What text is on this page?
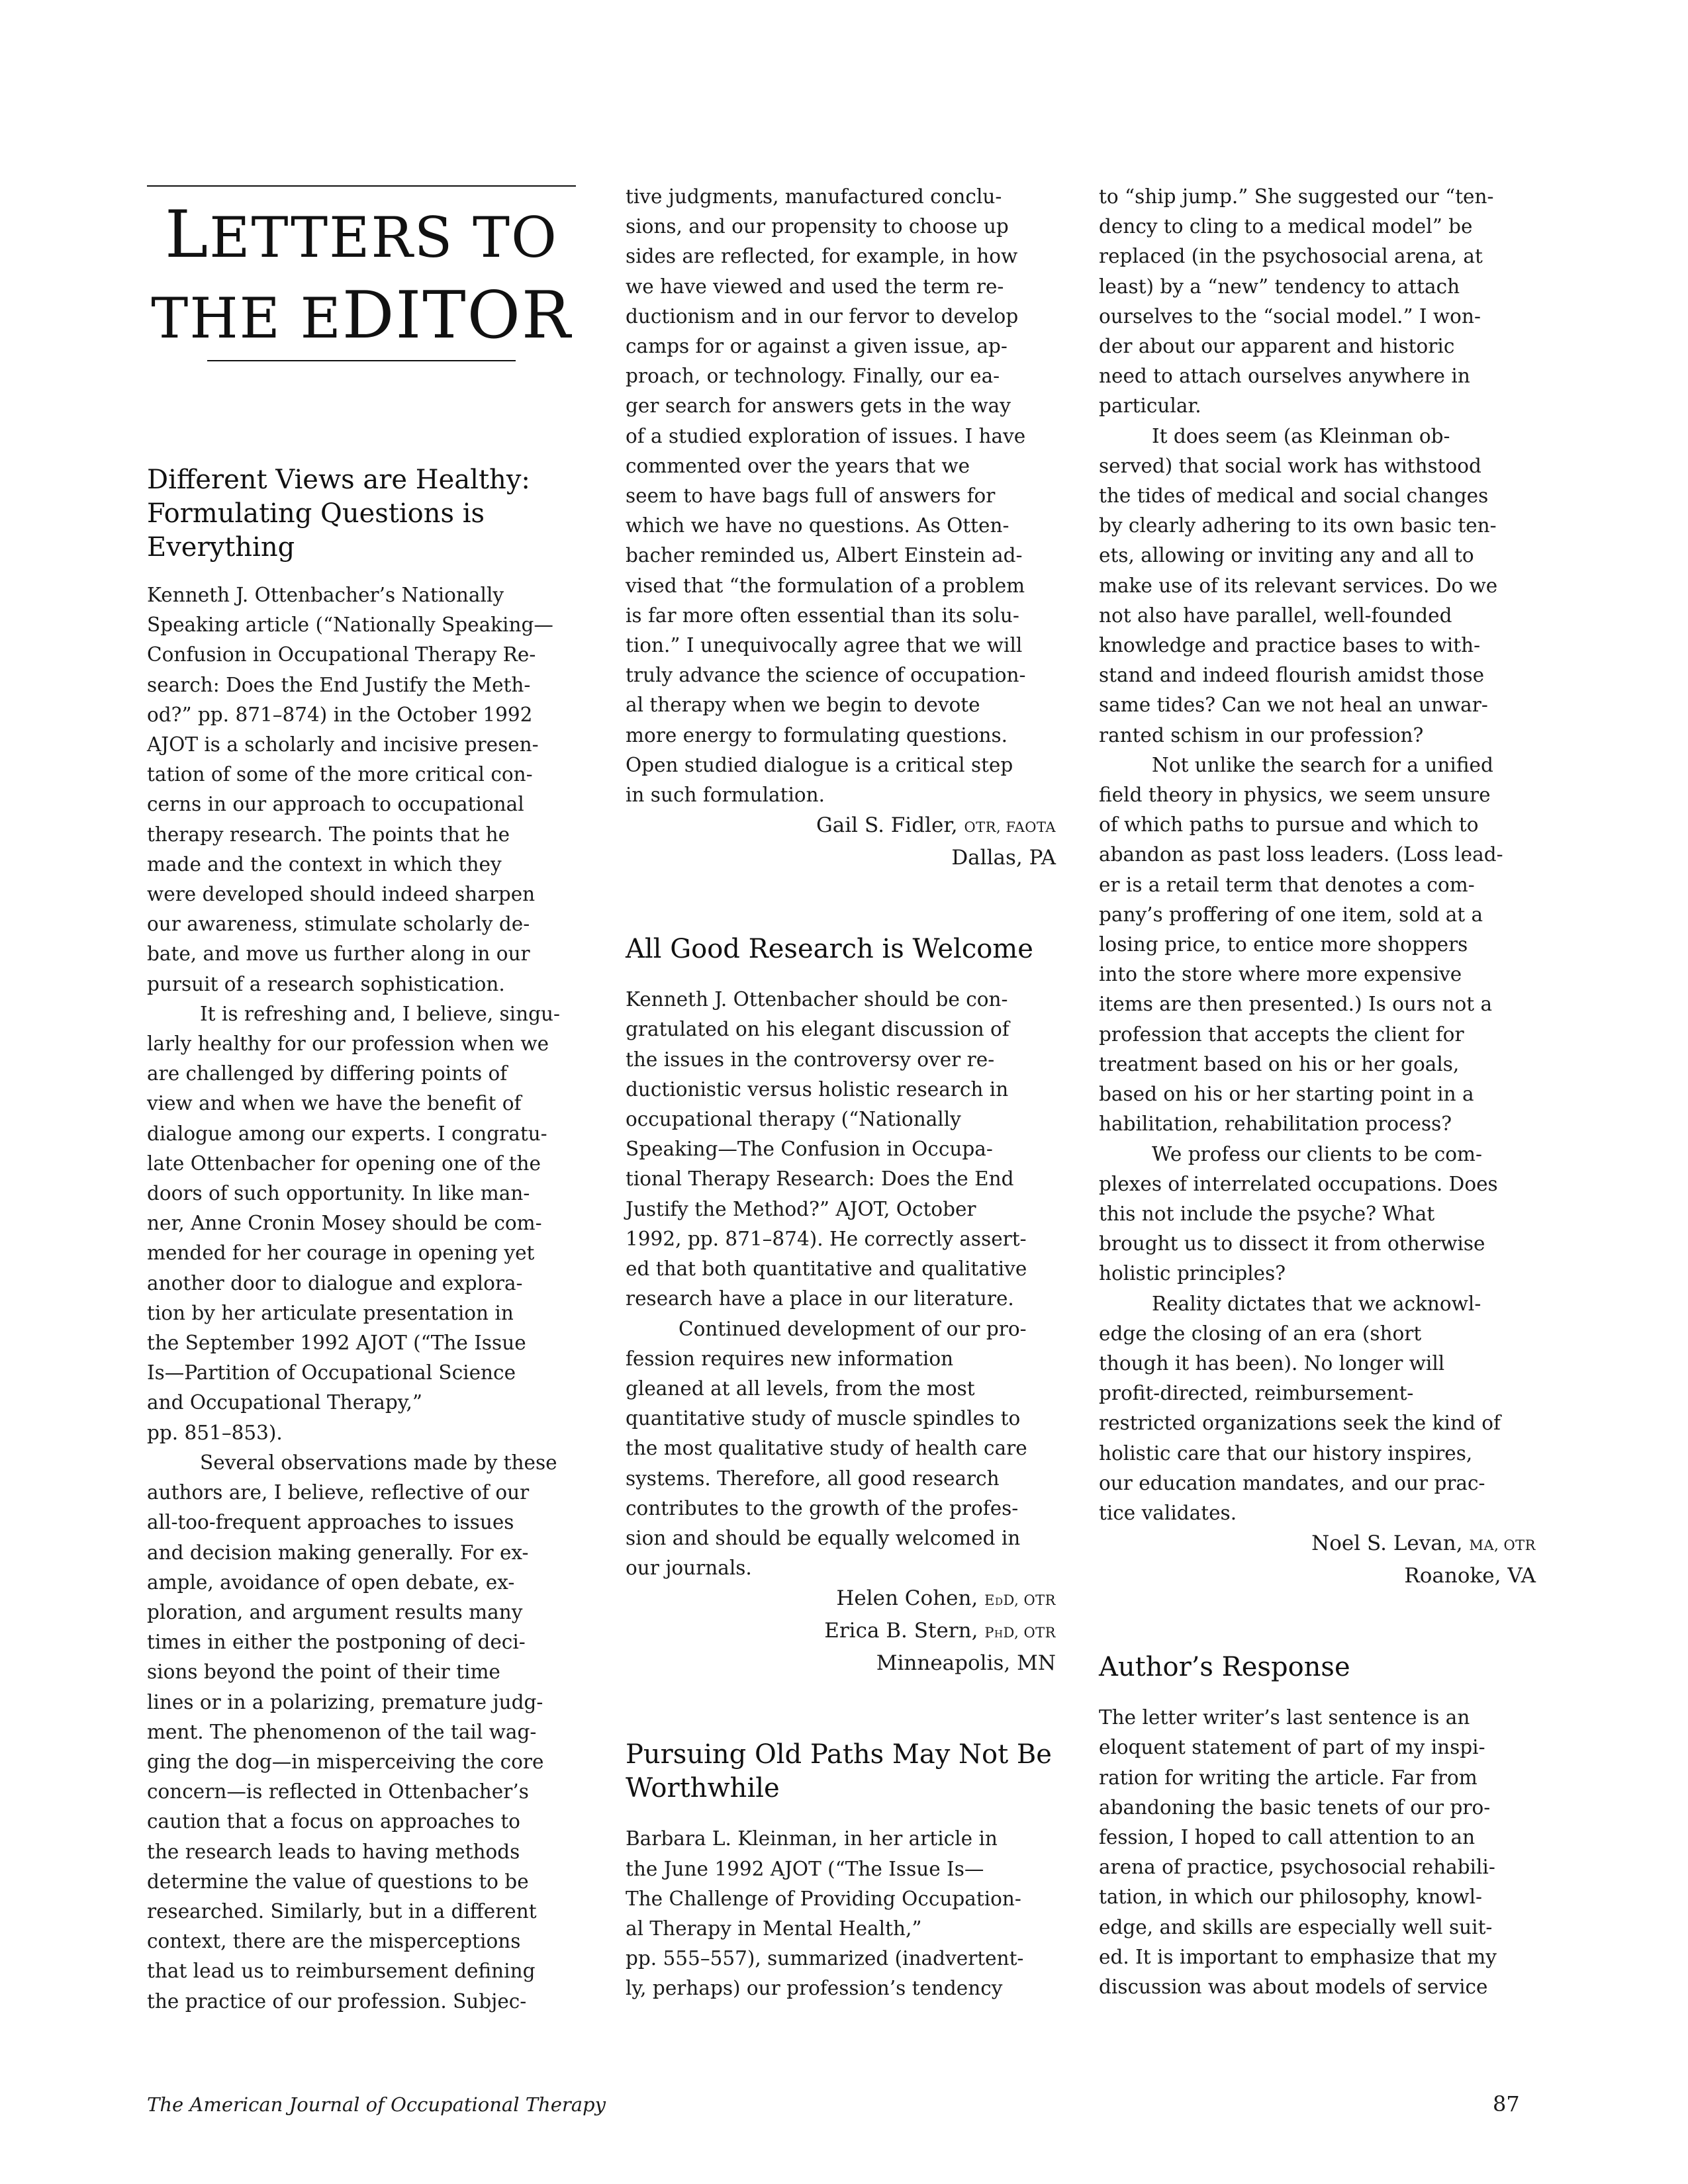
LETTERS TO
THE EDITOR
Different Views are Healthy:
Formulating Questions is
Everything
Kenneth J. Ottenbacher’s Nationally
Speaking article (“Nationally Speaking—
Confusion in Occupational Therapy Re-
search: Does the End Justify the Meth-
od?” pp. 871–874) in the October 1992
AJOT is a scholarly and incisive presen-
tation of some of the more critical con-
cerns in our approach to occupational
therapy research. The points that he
made and the context in which they
were developed should indeed sharpen
our awareness, stimulate scholarly de-
bate, and move us further along in our
pursuit of a research sophistication.
It is refreshing and, I believe, singu-
larly healthy for our profession when we
are challenged by differing points of
view and when we have the benefit of
dialogue among our experts. I congratu-
late Ottenbacher for opening one of the
doors of such opportunity. In like man-
ner, Anne Cronin Mosey should be com-
mended for her courage in opening yet
another door to dialogue and explora-
tion by her articulate presentation in
the September 1992 AJOT (“The Issue
Is—Partition of Occupational Science
and Occupational Therapy,”
pp. 851–853).
Several observations made by these
authors are, I believe, reflective of our
all-too-frequent approaches to issues
and decision making generally. For ex-
ample, avoidance of open debate, ex-
ploration, and argument results many
times in either the postponing of deci-
sions beyond the point of their time
lines or in a polarizing, premature judg-
ment. The phenomenon of the tail wag-
ging the dog—in misperceiving the core
concern—is reflected in Ottenbacher’s
caution that a focus on approaches to
the research leads to having methods
determine the value of questions to be
researched. Similarly, but in a different
context, there are the misperceptions
that lead us to reimbursement defining
the practice of our profession. Subjec-
tive judgments, manufactured conclu-
sions, and our propensity to choose up
sides are reflected, for example, in how
we have viewed and used the term re-
ductionism and in our fervor to develop
camps for or against a given issue, ap-
proach, or technology. Finally, our ea-
ger search for answers gets in the way
of a studied exploration of issues. I have
commented over the years that we
seem to have bags full of answers for
which we have no questions. As Otten-
bacher reminded us, Albert Einstein ad-
vised that “the formulation of a problem
is far more often essential than its solu-
tion.” I unequivocally agree that we will
truly advance the science of occupation-
al therapy when we begin to devote
more energy to formulating questions.
Open studied dialogue is a critical step
in such formulation.
Gail S. Fidler, OTR, FAOTA
Dallas, PA
All Good Research is Welcome
Kenneth J. Ottenbacher should be con-
gratulated on his elegant discussion of
the issues in the controversy over re-
ductionistic versus holistic research in
occupational therapy (“Nationally
Speaking—The Confusion in Occupa-
tional Therapy Research: Does the End
Justify the Method?” AJOT, October
1992, pp. 871–874). He correctly assert-
ed that both quantitative and qualitative
research have a place in our literature.
Continued development of our pro-
fession requires new information
gleaned at all levels, from the most
quantitative study of muscle spindles to
the most qualitative study of health care
systems. Therefore, all good research
contributes to the growth of the profes-
sion and should be equally welcomed in
our journals.
Helen Cohen, EdD, OTR
Erica B. Stern, PhD, OTR
Minneapolis, MN
Pursuing Old Paths May Not Be
Worthwhile
Barbara L. Kleinman, in her article in
the June 1992 AJOT (“The Issue Is—
The Challenge of Providing Occupation-
al Therapy in Mental Health,”
pp. 555–557), summarized (inadvertent-
ly, perhaps) our profession’s tendency
to “ship jump.” She suggested our “ten-
dency to cling to a medical model” be
replaced (in the psychosocial arena, at
least) by a “new” tendency to attach
ourselves to the “social model.” I won-
der about our apparent and historic
need to attach ourselves anywhere in
particular.
It does seem (as Kleinman ob-
served) that social work has withstood
the tides of medical and social changes
by clearly adhering to its own basic ten-
ets, allowing or inviting any and all to
make use of its relevant services. Do we
not also have parallel, well-founded
knowledge and practice bases to with-
stand and indeed flourish amidst those
same tides? Can we not heal an unwar-
ranted schism in our profession?
Not unlike the search for a unified
field theory in physics, we seem unsure
of which paths to pursue and which to
abandon as past loss leaders. (Loss lead-
er is a retail term that denotes a com-
pany’s proffering of one item, sold at a
losing price, to entice more shoppers
into the store where more expensive
items are then presented.) Is ours not a
profession that accepts the client for
treatment based on his or her goals,
based on his or her starting point in a
habilitation, rehabilitation process?
We profess our clients to be com-
plexes of interrelated occupations. Does
this not include the psyche? What
brought us to dissect it from otherwise
holistic principles?
Reality dictates that we acknowl-
edge the closing of an era (short
though it has been). No longer will
profit-directed, reimbursement-
restricted organizations seek the kind of
holistic care that our history inspires,
our education mandates, and our prac-
tice validates.
Noel S. Levan, MA, OTR
Roanoke, VA
Author’s Response
The letter writer’s last sentence is an
eloquent statement of part of my inspi-
ration for writing the article. Far from
abandoning the basic tenets of our pro-
fession, I hoped to call attention to an
arena of practice, psychosocial rehabili-
tation, in which our philosophy, knowl-
edge, and skills are especially well suit-
ed. It is important to emphasize that my
discussion was about models of service
The American Journal of Occupational Therapy	87
